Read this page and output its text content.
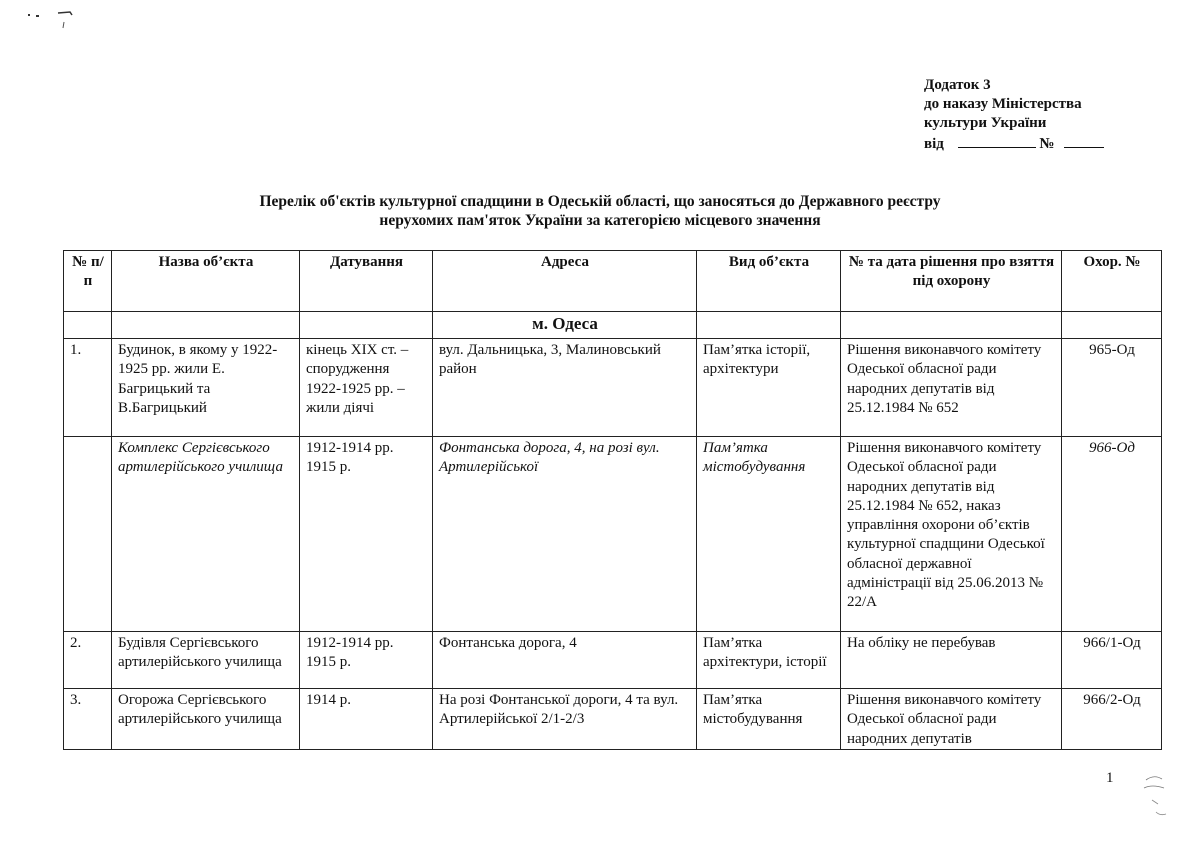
Додаток 3
до наказу Міністерства
культури України
від	№
Перелік об'єктів культурної спадщини в Одеській області, що заносяться до Державного реєстру
нерухомих пам'яток України за категорією місцевого значення
№ п/п	Назва об’єкта	Датування	Адреса	Вид об’єкта	№ та дата рішення про взяття під охорону	Охор. №
			м. Одеса			
1.	Будинок, в якому у 1922-1925 рр. жили Е. Багрицький та В.Багрицький	кінець XIX ст. – спорудження 1922-1925 рр. – жили діячі	вул. Дальницька, 3, Малиновський район	Пам’ятка історії, архітектури	Рішення виконавчого комітету Одеської обласної ради народних депутатів від 25.12.1984 № 652	965-Од
	Комплекс Сергієвського артилерійського училища	1912-1914 рр. 1915 р.	Фонтанська дорога, 4, на розі вул. Артилерійської	Пам’ятка містобудування	Рішення виконавчого комітету Одеської обласної ради народних депутатів від 25.12.1984 № 652, наказ управління охорони об’єктів культурної спадщини Одеської обласної державної адміністрації від 25.06.2013 № 22/А	966-Од
2.	Будівля Сергієвського артилерійського училища	1912-1914 рр. 1915 р.	Фонтанська дорога, 4	Пам’ятка архітектури, історії	На обліку не перебував	966/1-Од
3.	Огорожа Сергієвського артилерійського училища	1914 р.	На розі Фонтанської дороги, 4 та вул. Артилерійської 2/1-2/3	Пам’ятка містобудування	Рішення виконавчого комітету Одеської обласної ради народних депутатів	966/2-Од
1
